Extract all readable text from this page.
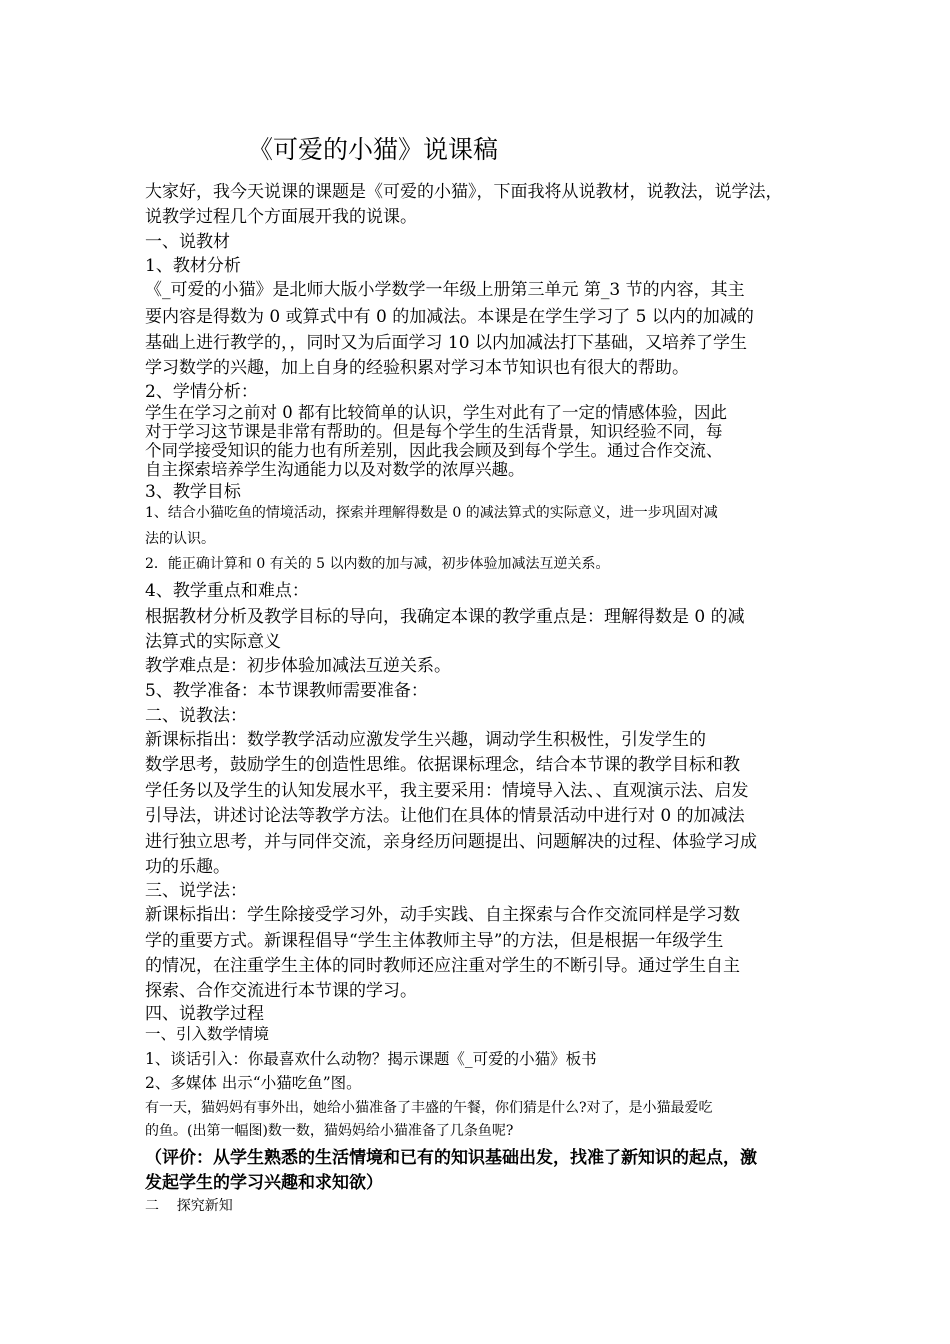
《可爱的小猫》说课稿

大家好，我今天说课的课题是《可爱的小猫》，下面我将从说教材，说教法，说学法，

说教学过程几个方面展开我的说课。

一、说教材

1、教材分析

《_可爱的小猫》是北师大版小学数学一年级上册第三单元 第_3 节的内容，其主

要内容是得数为 0 或算式中有 0 的加减法。本课是在学生学习了 5 以内的加减的

基础上进行教学的，，同时又为后面学习 10 以内加减法打下基础，又培养了学生

学习数学的兴趣，加上自身的经验积累对学习本节知识也有很大的帮助。

2、学情分析：

学生在学习之前对 0 都有比较简单的认识，学生对此有了一定的情感体验，因此

对于学习这节课是非常有帮助的。但是每个学生的生活背景，知识经验不同，每

个同学接受知识的能力也有所差别，因此我会顾及到每个学生。通过合作交流、

自主探索培养学生沟通能力以及对数学的浓厚兴趣。

3、教学目标

1、结合小猫吃鱼的情境活动，探索并理解得数是 0 的减法算式的实际意义，进一步巩固对减

法的认识。

2．能正确计算和 0 有关的 5 以内数的加与减，初步体验加减法互逆关系。

4、教学重点和难点：

根据教材分析及教学目标的导向，我确定本课的教学重点是：理解得数是 0 的减

法算式的实际意义

教学难点是：初步体验加减法互逆关系。

5、教学准备：本节课教师需要准备：

二、说教法：

新课标指出：数学教学活动应激发学生兴趣，调动学生积极性，引发学生的

数学思考，鼓励学生的创造性思维。依据课标理念，结合本节课的教学目标和教

学任务以及学生的认知发展水平，我主要采用：情境导入法、、直观演示法、启发

引导法，讲述讨论法等教学方法。让他们在具体的情景活动中进行对 0 的加减法

进行独立思考，并与同伴交流，亲身经历问题提出、问题解决的过程、体验学习成

功的乐趣。

三、说学法：

新课标指出：学生除接受学习外，动手实践、自主探索与合作交流同样是学习数

学的重要方式。新课程倡导“学生主体教师主导”的方法，但是根据一年级学生

的情况，在注重学生主体的同时教师还应注重对学生的不断引导。通过学生自主

探索、合作交流进行本节课的学习。

四、说教学过程

一、引入数学情境

1、谈话引入：你最喜欢什么动物？揭示课题《_可爱的小猫》板书

2、多媒体 出示“小猫吃鱼”图。

有一天，猫妈妈有事外出，她给小猫准备了丰盛的午餐，你们猜是什么?对了，是小猫最爱吃

的鱼。(出第一幅图)数一数，猫妈妈给小猫准备了几条鱼呢?

（评价：从学生熟悉的生活情境和已有的知识基础出发，找准了新知识的起点，激

发起学生的学习兴趣和求知欲）

二    探究新知
